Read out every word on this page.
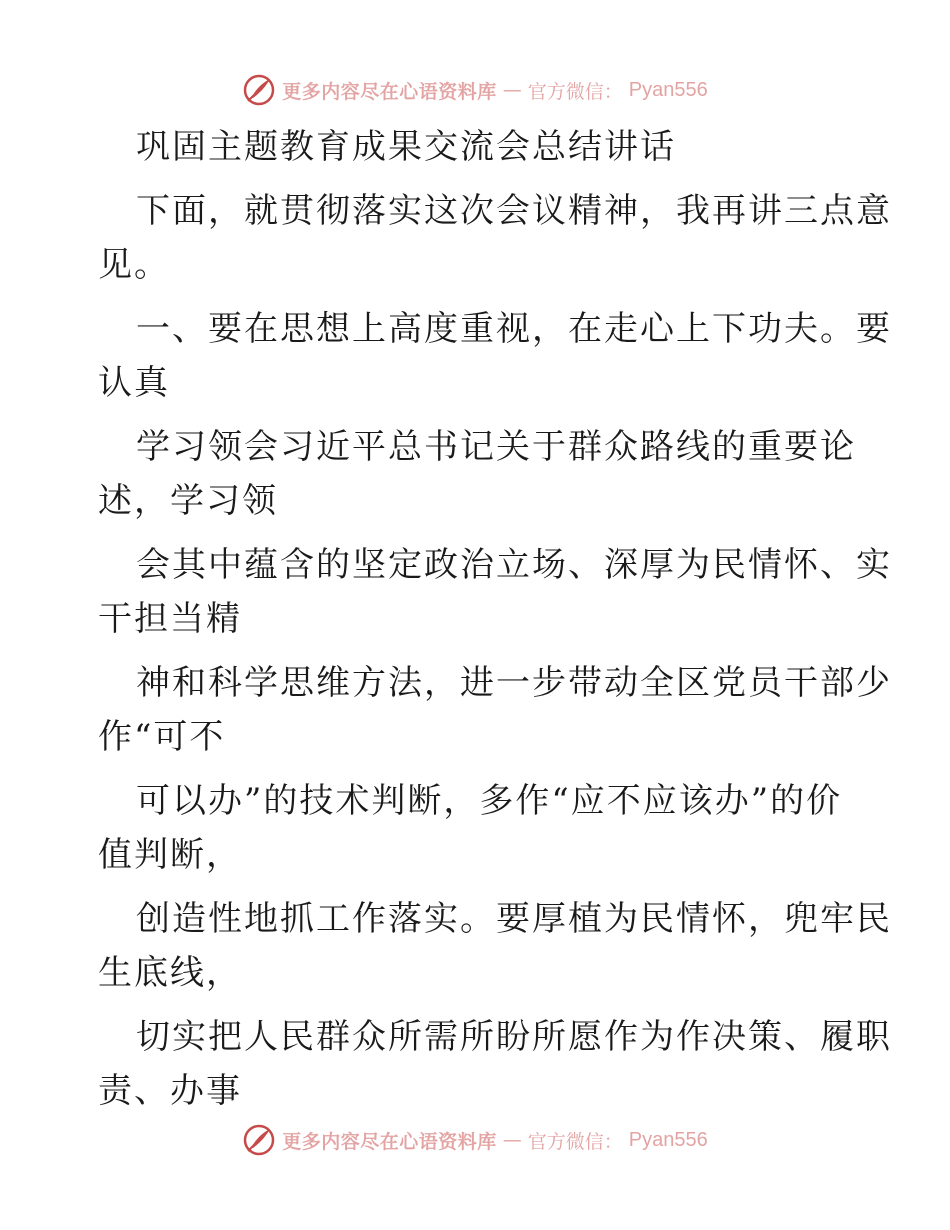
更多内容尽在心语资料库 — 官方微信： Pyan556
巩固主题教育成果交流会总结讲话
下面，就贯彻落实这次会议精神，我再讲三点意
见。
一、要在思想上高度重视，在走心上下功夫。要
认真
学习领会习近平总书记关于群众路线的重要论
述，学习领
会其中蕴含的坚定政治立场、深厚为民情怀、实
干担当精
神和科学思维方法，进一步带动全区党员干部少
作“可不
可以办”的技术判断，多作“应不应该办”的价
值判断，
创造性地抓工作落实。要厚植为民情怀，兜牢民
生底线，
切实把人民群众所需所盼所愿作为作决策、履职
责、办事
更多内容尽在心语资料库 — 官方微信： Pyan556
